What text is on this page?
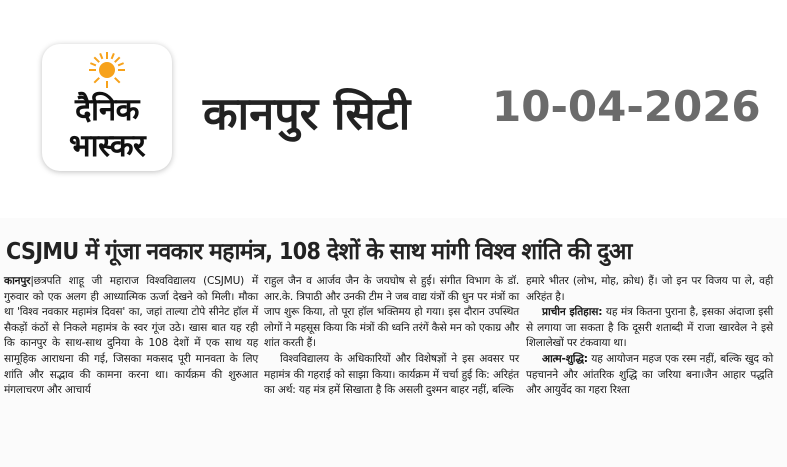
दैनिक
भास्कर
कानपुर सिटी 10-04-2026
CSJMU में गूंजा नवकार महामंत्र, 108 देशों के साथ मांगी विश्व शांति की दुआ

कानपुर|छत्रपति शाहू जी महाराज विश्वविद्यालय (CSJMU) में गुरुवार को एक अलग ही आध्यात्मिक ऊर्जा देखने को मिली। मौका था 'विश्व नवकार महामंत्र दिवस' का, जहां ताल्या टोपे सीनेट हॉल में सैकड़ों कंठों से निकले महामंत्र के स्वर गूंज उठे। खास बात यह रही कि कानपुर के साथ-साथ दुनिया के 108 देशों में एक साथ यह सामूहिक आराधना की गई, जिसका मकसद पूरी मानवता के लिए शांति और सद्भाव की कामना करना था। कार्यक्रम की शुरुआत मंगलाचरण और आचार्य

राहुल जैन व आर्जव जैन के जयघोष से हुई। संगीत विभाग के डॉ. आर.के. त्रिपाठी और उनकी टीम ने जब वाद्य यंत्रों की धुन पर मंत्रों का जाप शुरू किया, तो पूरा हॉल भक्तिमय हो गया। इस दौरान उपस्थित लोगों ने महसूस किया कि मंत्रों की ध्वनि तरंगें कैसे मन को एकाग्र और शांत करती हैं।

विश्वविद्यालय के अधिकारियों और विशेषज्ञों ने इस अवसर पर महामंत्र की गहराई को साझा किया। कार्यक्रम में चर्चा हुई कि: अरिहंत का अर्थ: यह मंत्र हमें सिखाता है कि असली दुश्मन बाहर नहीं, बल्कि

हमारे भीतर (लोभ, मोह, क्रोध) हैं। जो इन पर विजय पा ले, वही अरिहंत है।

प्राचीन इतिहास: यह मंत्र कितना पुराना है, इसका अंदाजा इसी से लगाया जा सकता है कि दूसरी शताब्दी में राजा खारवेल ने इसे शिलालेखों पर टंकवाया था।

आत्म-शुद्धि: यह आयोजन महज एक रस्म नहीं, बल्कि खुद को पहचानने और आंतरिक शुद्धि का जरिया बना।जैन आहार पद्धति और आयुर्वेद का गहरा रिश्ता
